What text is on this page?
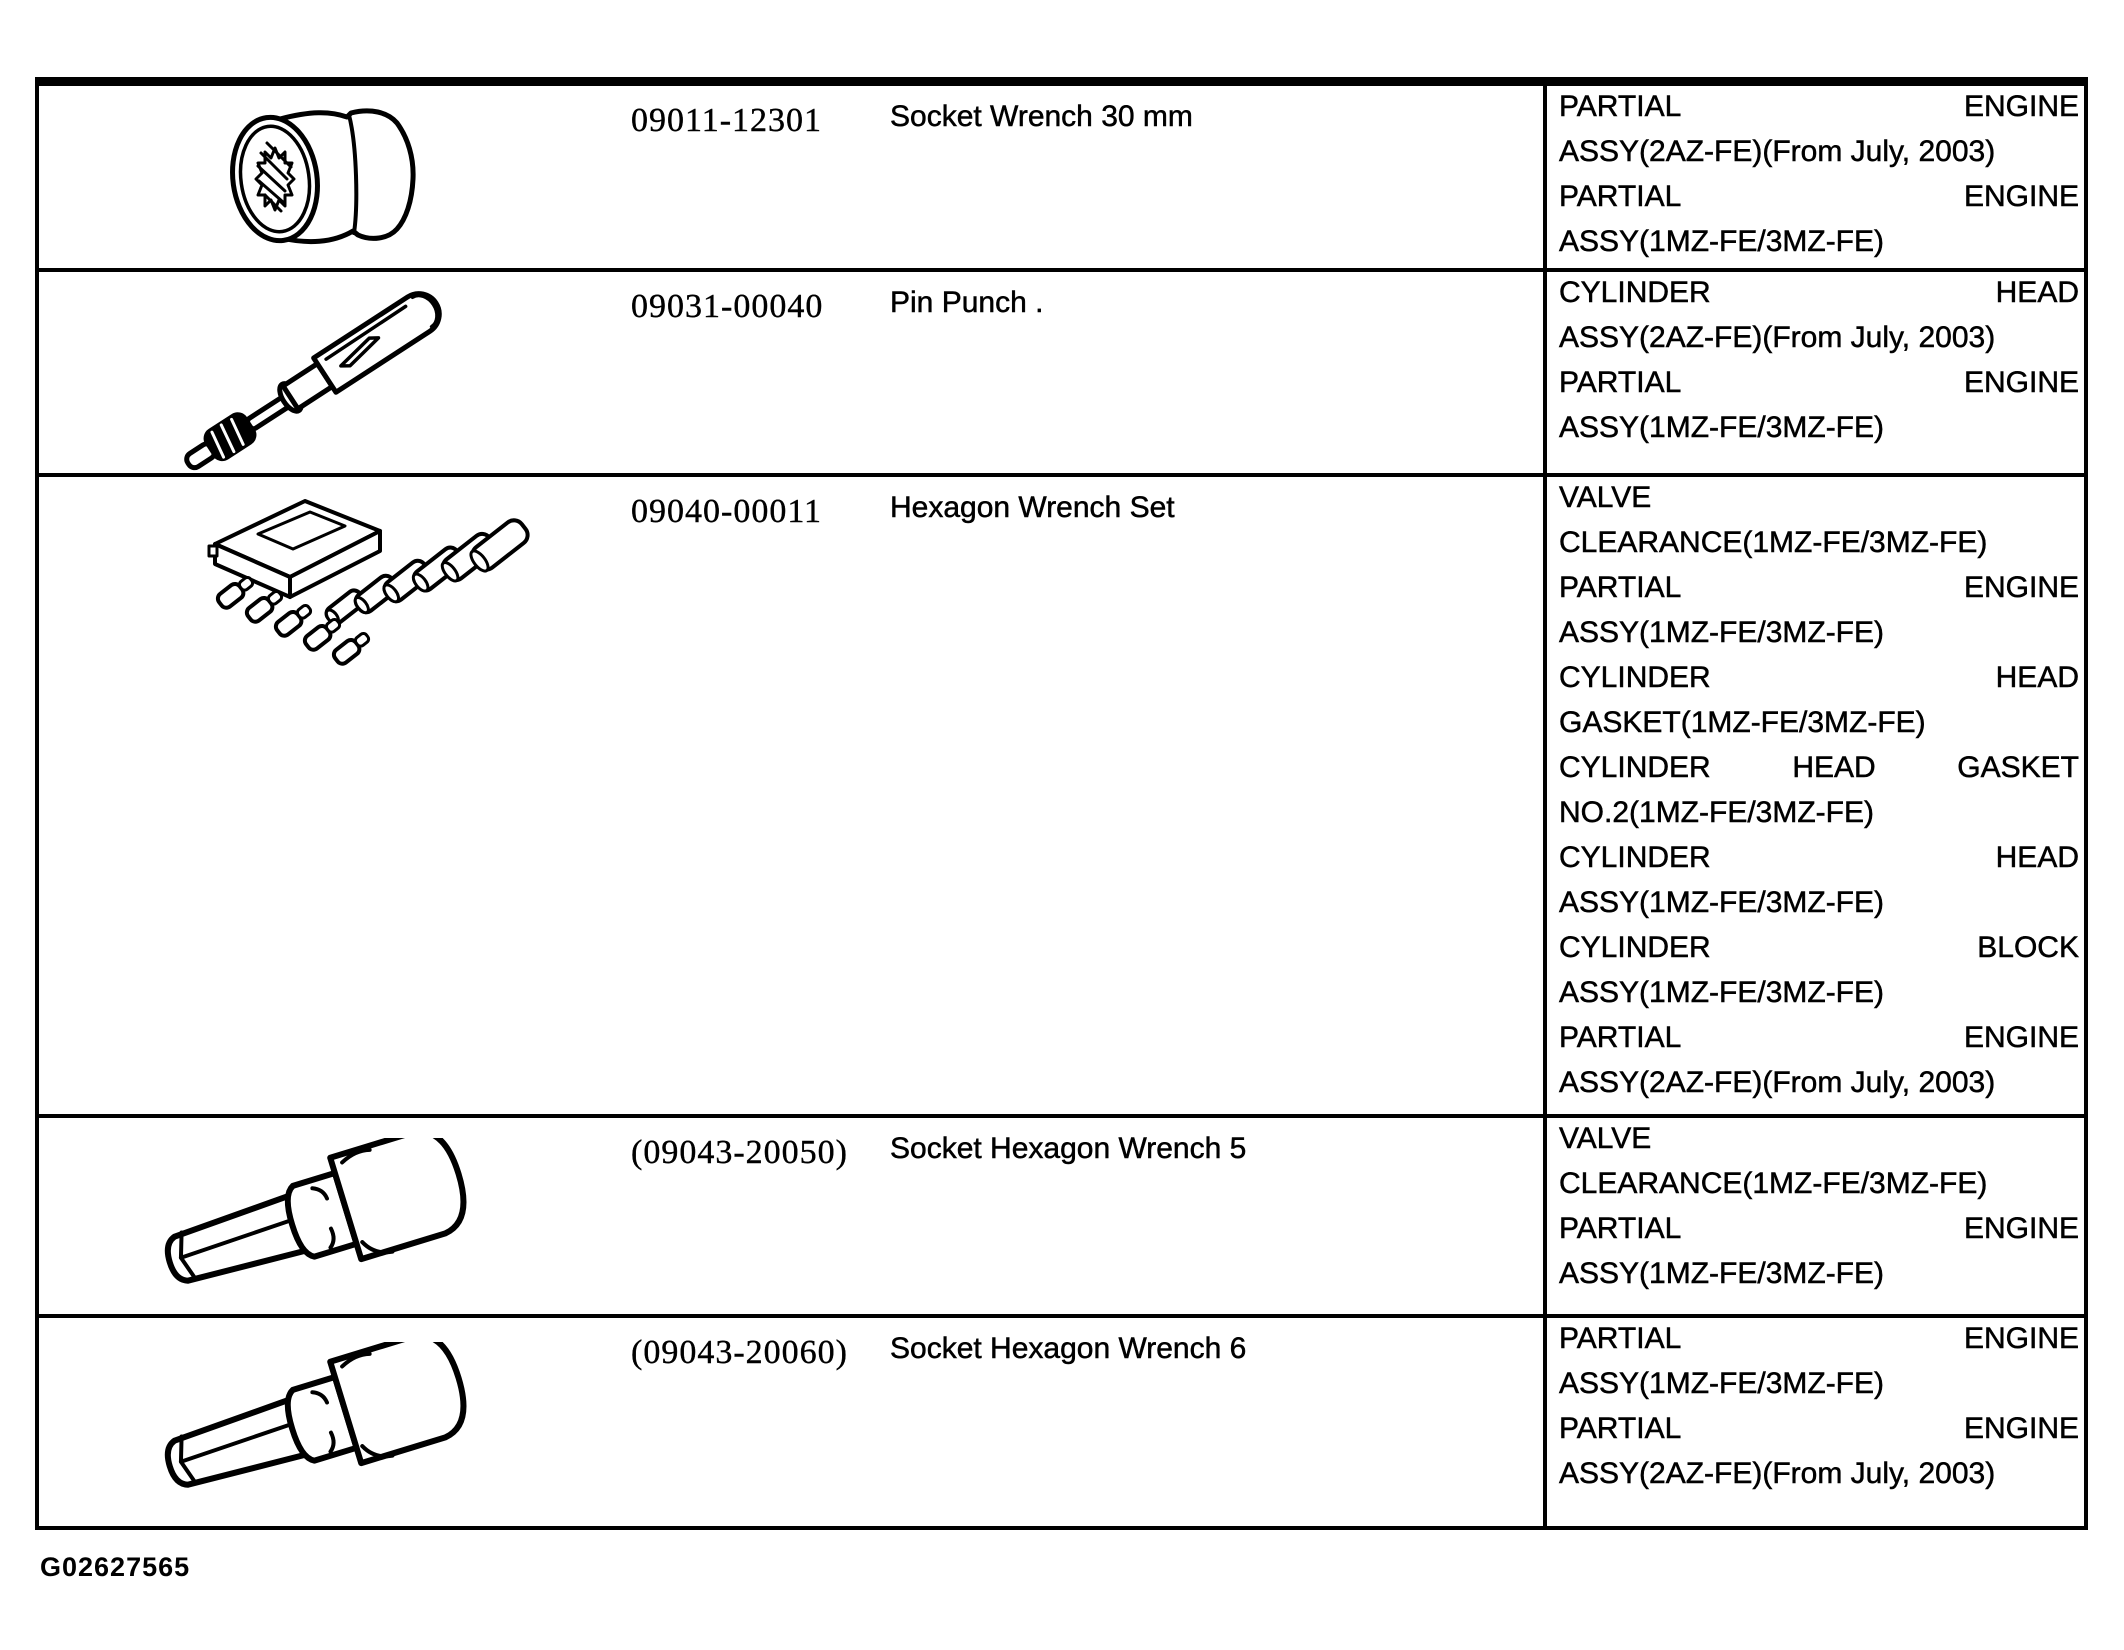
09011-12301	Socket Wrench 30 mm	PARTIAL	ENGINE
ASSY(2AZ-FE)(From July, 2003)
PARTIAL	ENGINE
ASSY(1MZ-FE/3MZ-FE)
09031-00040	Pin Punch .	CYLINDER	HEAD
ASSY(2AZ-FE)(From July, 2003)
PARTIAL	ENGINE
ASSY(1MZ-FE/3MZ-FE)
09040-00011	Hexagon Wrench Set	VALVE
CLEARANCE(1MZ-FE/3MZ-FE)
PARTIAL	ENGINE
ASSY(1MZ-FE/3MZ-FE)
CYLINDER	HEAD
GASKET(1MZ-FE/3MZ-FE)
CYLINDER	HEAD	GASKET
NO.2(1MZ-FE/3MZ-FE)
CYLINDER	HEAD
ASSY(1MZ-FE/3MZ-FE)
CYLINDER	BLOCK
ASSY(1MZ-FE/3MZ-FE)
PARTIAL	ENGINE
ASSY(2AZ-FE)(From July, 2003)
(09043-20050)	Socket Hexagon Wrench 5	VALVE
CLEARANCE(1MZ-FE/3MZ-FE)
PARTIAL	ENGINE
ASSY(1MZ-FE/3MZ-FE)
(09043-20060)	Socket Hexagon Wrench 6	PARTIAL	ENGINE
ASSY(1MZ-FE/3MZ-FE)
PARTIAL	ENGINE
ASSY(2AZ-FE)(From July, 2003)
G02627565
